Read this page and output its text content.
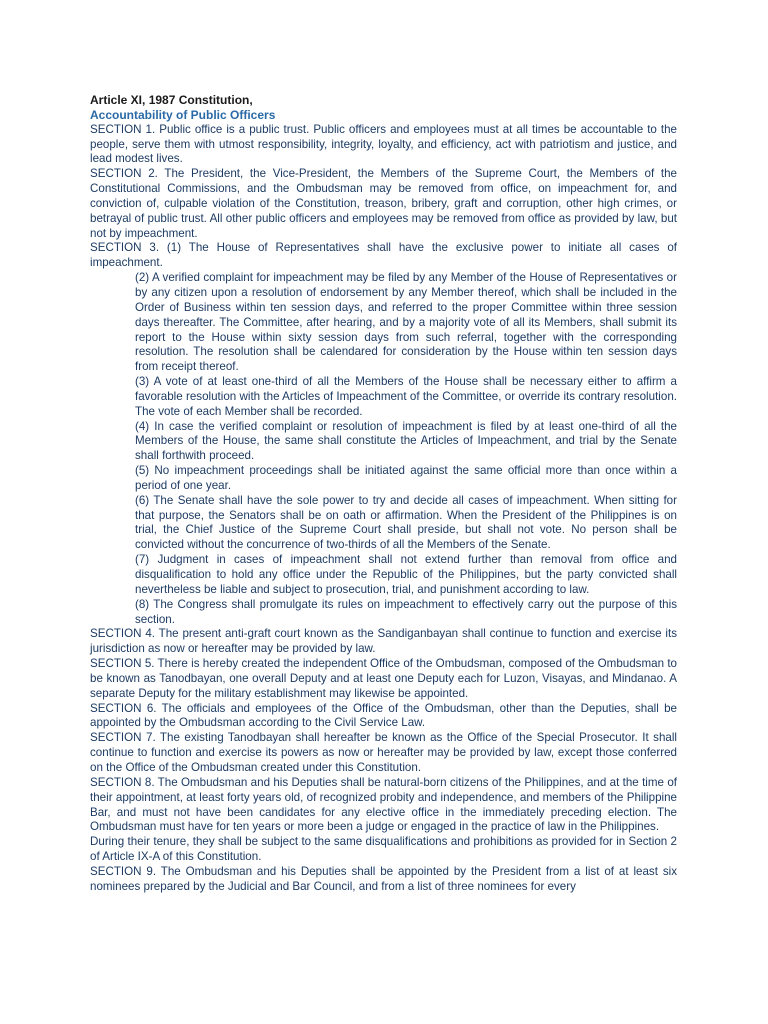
Article XI, 1987 Constitution,
Accountability of Public Officers

SECTION 1. Public office is a public trust. Public officers and employees must at all times be accountable to the people, serve them with utmost responsibility, integrity, loyalty, and efficiency, act with patriotism and justice, and lead modest lives.

SECTION 2. The President, the Vice-President, the Members of the Supreme Court, the Members of the Constitutional Commissions, and the Ombudsman may be removed from office, on impeachment for, and conviction of, culpable violation of the Constitution, treason, bribery, graft and corruption, other high crimes, or betrayal of public trust. All other public officers and employees may be removed from office as provided by law, but not by impeachment.

SECTION 3. (1) The House of Representatives shall have the exclusive power to initiate all cases of impeachment.

(2) A verified complaint for impeachment may be filed by any Member of the House of Representatives or by any citizen upon a resolution of endorsement by any Member thereof, which shall be included in the Order of Business within ten session days, and referred to the proper Committee within three session days thereafter. The Committee, after hearing, and by a majority vote of all its Members, shall submit its report to the House within sixty session days from such referral, together with the corresponding resolution. The resolution shall be calendared for consideration by the House within ten session days from receipt thereof.

(3) A vote of at least one-third of all the Members of the House shall be necessary either to affirm a favorable resolution with the Articles of Impeachment of the Committee, or override its contrary resolution. The vote of each Member shall be recorded.

(4) In case the verified complaint or resolution of impeachment is filed by at least one-third of all the Members of the House, the same shall constitute the Articles of Impeachment, and trial by the Senate shall forthwith proceed.

(5) No impeachment proceedings shall be initiated against the same official more than once within a period of one year.

(6) The Senate shall have the sole power to try and decide all cases of impeachment. When sitting for that purpose, the Senators shall be on oath or affirmation. When the President of the Philippines is on trial, the Chief Justice of the Supreme Court shall preside, but shall not vote. No person shall be convicted without the concurrence of two-thirds of all the Members of the Senate.

(7) Judgment in cases of impeachment shall not extend further than removal from office and disqualification to hold any office under the Republic of the Philippines, but the party convicted shall nevertheless be liable and subject to prosecution, trial, and punishment according to law.

(8) The Congress shall promulgate its rules on impeachment to effectively carry out the purpose of this section.

SECTION 4. The present anti-graft court known as the Sandiganbayan shall continue to function and exercise its jurisdiction as now or hereafter may be provided by law.

SECTION 5. There is hereby created the independent Office of the Ombudsman, composed of the Ombudsman to be known as Tanodbayan, one overall Deputy and at least one Deputy each for Luzon, Visayas, and Mindanao. A separate Deputy for the military establishment may likewise be appointed.

SECTION 6. The officials and employees of the Office of the Ombudsman, other than the Deputies, shall be appointed by the Ombudsman according to the Civil Service Law.

SECTION 7. The existing Tanodbayan shall hereafter be known as the Office of the Special Prosecutor. It shall continue to function and exercise its powers as now or hereafter may be provided by law, except those conferred on the Office of the Ombudsman created under this Constitution.

SECTION 8. The Ombudsman and his Deputies shall be natural-born citizens of the Philippines, and at the time of their appointment, at least forty years old, of recognized probity and independence, and members of the Philippine Bar, and must not have been candidates for any elective office in the immediately preceding election. The Ombudsman must have for ten years or more been a judge or engaged in the practice of law in the Philippines.

During their tenure, they shall be subject to the same disqualifications and prohibitions as provided for in Section 2 of Article IX-A of this Constitution.

SECTION 9. The Ombudsman and his Deputies shall be appointed by the President from a list of at least six nominees prepared by the Judicial and Bar Council, and from a list of three nominees for every
